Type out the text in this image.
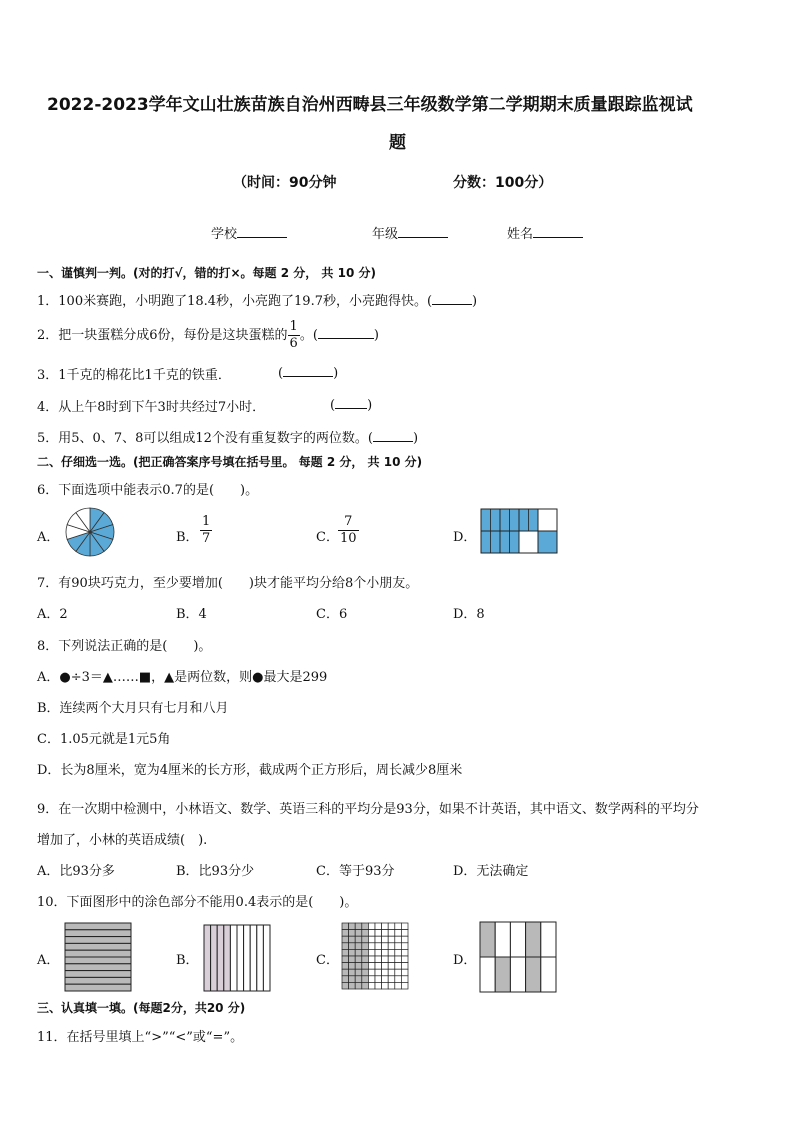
2022-2023学年文山壮族苗族自治州西畴县三年级数学第二学期期末质量跟踪监视试
题
（时间：90分钟	分数：100分）
学校	年级	姓名
一、谨慎判一判。(对的打√，错的打×。每题 2 分， 共 10 分)
1．100米赛跑，小明跑了18.4秒，小亮跑了19.7秒，小亮跑得快。(	)
2．把一块蛋糕分成6份，每份是这块蛋糕的 $\frac{1}{6}$ 。(	)
3．1千克的棉花比1千克的铁重．	(	)
4．从上午8时到下午3时共经过7小时．	( )
5．用5、0、7、8可以组成12个没有重复数字的两位数。(	)
二、仔细选一选。(把正确答案序号填在括号里。 每题 2 分， 共 10 分)
6．下面选项中能表示0.7的是(　　)。
A．	B． $\frac{1}{7}$	C． $\frac{7}{10}$	D．
7．有90块巧克力，至少要增加(　　)块才能平均分给8个小朋友。
A．2	B．4	C．6	D．8
8．下列说法正确的是(　　)。
A．●÷3＝▲……■，▲是两位数，则●最大是299
B．连续两个大月只有七月和八月
C．1.05元就是1元5角
D．长为8厘米，宽为4厘米的长方形，截成两个正方形后，周长减少8厘米
9．在一次期中检测中，小林语文、数学、英语三科的平均分是93分，如果不计英语，其中语文、数学两科的平均分
增加了，小林的英语成绩(　).
A．比93分多	B．比93分少	C．等于93分	D．无法确定
10．下面图形中的涂色部分不能用0.4表示的是(　　)。
A．	B．	C．	D．
三、认真填一填。(每题2分，共20 分)
11．在括号里填上“>”“<”或“=”。
